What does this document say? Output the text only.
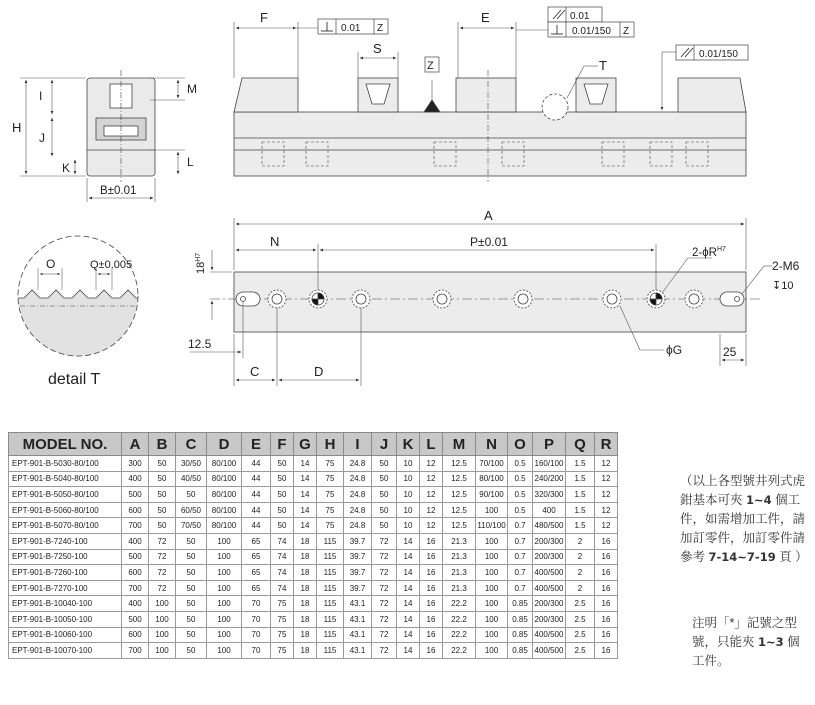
H
I
J
K
M
L
B±0.01
F	E
S
Z	T
0.01 Z
0.01
0.01/150 Z
0.01/150
O	Q±0.005
detail T
A
N	P±0.01
$2-\phi R^{H7}$
2-M6
↧10
$18^{H7}$
12.5
C	D
ϕG	25
MODEL NO.	A	B	C	D	E	F	G	H	I	J	K	L	M	N	O	P	Q	R
EPT-901-B-5030-80/100	300	50	30/50	80/100	44	50	14	75	24.8	50	10	12	12.5	70/100	0.5	160/100	1.5	12
EPT-901-B-5040-80/100	400	50	40/50	80/100	44	50	14	75	24.8	50	10	12	12.5	80/100	0.5	240/200	1.5	12
EPT-901-B-5050-80/100	500	50	50	80/100	44	50	14	75	24.8	50	10	12	12.5	90/100	0.5	320/300	1.5	12
EPT-901-B-5060-80/100	600	50	60/50	80/100	44	50	14	75	24.8	50	10	12	12.5	100	0.5	400	1.5	12
EPT-901-B-5070-80/100	700	50	70/50	80/100	44	50	14	75	24.8	50	10	12	12.5	110/100	0.7	480/500	1.5	12
EPT-901-B-7240-100	400	72	50	100	65	74	18	115	39.7	72	14	16	21.3	100	0.7	200/300	2	16
EPT-901-B-7250-100	500	72	50	100	65	74	18	115	39.7	72	14	16	21.3	100	0.7	200/300	2	16
EPT-901-B-7260-100	600	72	50	100	65	74	18	115	39.7	72	14	16	21.3	100	0.7	400/500	2	16
EPT-901-B-7270-100	700	72	50	100	65	74	18	115	39.7	72	14	16	21.3	100	0.7	400/500	2	16
EPT-901-B-10040-100	400	100	50	100	70	75	18	115	43.1	72	14	16	22.2	100	0.85	200/300	2.5	16
EPT-901-B-10050-100	500	100	50	100	70	75	18	115	43.1	72	14	16	22.2	100	0.85	200/300	2.5	16
EPT-901-B-10060-100	600	100	50	100	70	75	18	115	43.1	72	14	16	22.2	100	0.85	400/500	2.5	16
EPT-901-B-10070-100	700	100	50	100	70	75	18	115	43.1	72	14	16	22.2	100	0.85	400/500	2.5	16
（以上各型號井列式虎鉗基本可夾 1~4 個工件，如需增加工件，請加訂零件，加訂零件請參考 7-14~7-19 頁 ）
注明「*」記號之型號，只能夾 1~3 個工件。
